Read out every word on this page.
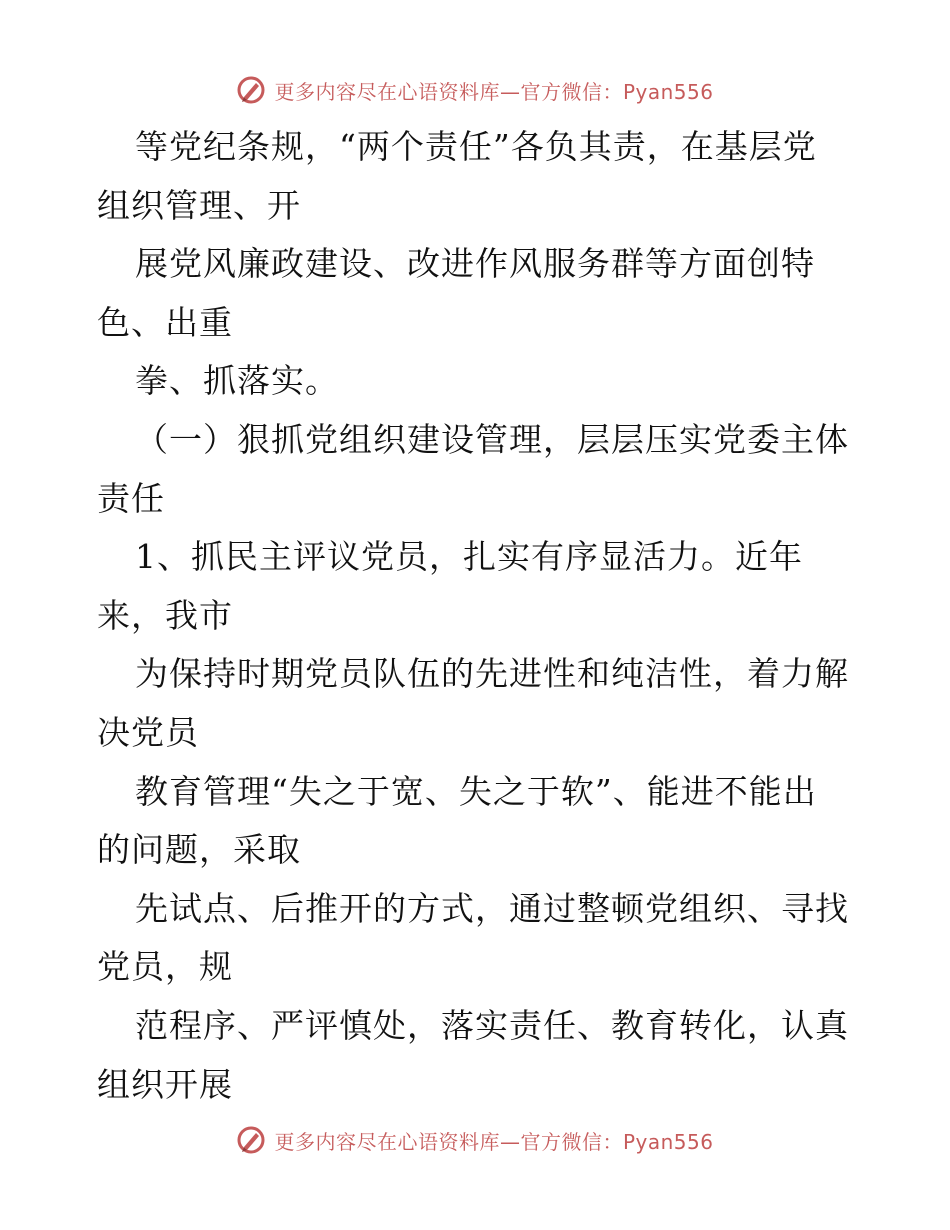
更多内容尽在心语资料库—官方微信：Pyan556
等党纪条规，“两个责任”各负其责，在基层党
组织管理、开
展党风廉政建设、改进作风服务群等方面创特
色、出重
拳、抓落实。
（一）狠抓党组织建设管理，层层压实党委主体
责任
1、抓民主评议党员，扎实有序显活力。近年
来，我市
为保持时期党员队伍的先进性和纯洁性，着力解
决党员
教育管理“失之于宽、失之于软”、能进不能出
的问题，采取
先试点、后推开的方式，通过整顿党组织、寻找
党员，规
范程序、严评慎处，落实责任、教育转化，认真
组织开展
更多内容尽在心语资料库—官方微信：Pyan556
